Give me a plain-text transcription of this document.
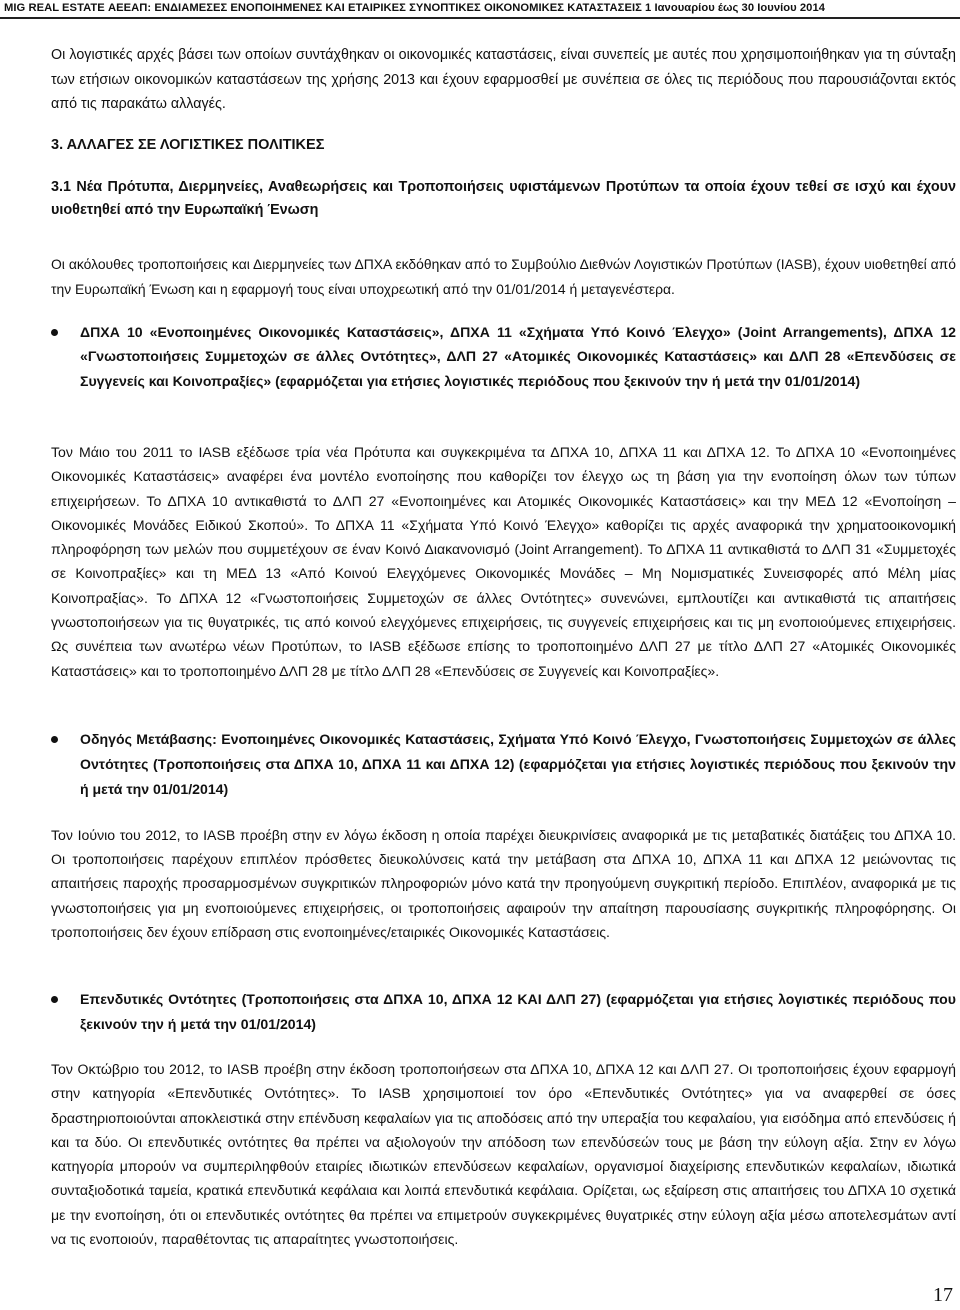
MIG REAL ESTATE ΑΕΕΑΠ: ΕΝΔΙΑΜΕΣΕΣ ΕΝΟΠΟΙΗΜΕΝΕΣ ΚΑΙ ΕΤΑΙΡΙΚΕΣ ΣΥΝΟΠΤΙΚΕΣ ΟΙΚΟΝΟΜΙΚΕΣ ΚΑΤΑΣΤΑΣΕΙΣ 1 Ιανουαρίου έως 30 Ιουνίου 2014

Οι λογιστικές αρχές βάσει των οποίων συντάχθηκαν οι οικονομικές καταστάσεις, είναι συνεπείς με αυτές που χρησιμοποιήθηκαν για τη σύνταξη των ετήσιων οικονομικών καταστάσεων της χρήσης 2013 και έχουν εφαρμοσθεί με συνέπεια σε όλες τις περιόδους που παρουσιάζονται εκτός από τις παρακάτω αλλαγές.

3. ΑΛΛΑΓΕΣ ΣΕ ΛΟΓΙΣΤΙΚΕΣ ΠΟΛΙΤΙΚΕΣ

3.1 Νέα Πρότυπα, Διερμηνείες, Αναθεωρήσεις και Τροποποιήσεις υφιστάμενων Προτύπων τα οποία έχουν τεθεί σε ισχύ και έχουν υιοθετηθεί από την Ευρωπαϊκή Ένωση

Οι ακόλουθες τροποποιήσεις και Διερμηνείες των ΔΠΧΑ εκδόθηκαν από το Συμβούλιο Διεθνών Λογιστικών Προτύπων (IASB), έχουν υιοθετηθεί από την Ευρωπαϊκή Ένωση και η εφαρμογή τους είναι υποχρεωτική από την 01/01/2014 ή μεταγενέστερα.

ΔΠΧΑ 10 «Ενοποιημένες Οικονομικές Καταστάσεις», ΔΠΧΑ 11 «Σχήματα Υπό Κοινό Έλεγχο» (Joint Arrangements), ΔΠΧΑ 12 «Γνωστοποιήσεις Συμμετοχών σε άλλες Οντότητες», ΔΛΠ 27 «Ατομικές Οικονομικές Καταστάσεις» και ΔΛΠ 28 «Επενδύσεις σε Συγγενείς και Κοινοπραξίες» (εφαρμόζεται για ετήσιες λογιστικές περιόδους που ξεκινούν την ή μετά την 01/01/2014)

Τον Μάιο του 2011 το IASB εξέδωσε τρία νέα Πρότυπα και συγκεκριμένα τα ΔΠΧΑ 10, ΔΠΧΑ 11 και ΔΠΧΑ 12. Το ΔΠΧΑ 10 «Ενοποιημένες Οικονομικές Καταστάσεις» αναφέρει ένα μοντέλο ενοποίησης που καθορίζει τον έλεγχο ως τη βάση για την ενοποίηση όλων των τύπων επιχειρήσεων. Το ΔΠΧΑ 10 αντικαθιστά το ΔΛΠ 27 «Ενοποιημένες και Ατομικές Οικονομικές Καταστάσεις» και την ΜΕΔ 12 «Ενοποίηση – Οικονομικές Μονάδες Ειδικού Σκοπού». Το ΔΠΧΑ 11 «Σχήματα Υπό Κοινό Έλεγχο» καθορίζει τις αρχές αναφορικά την χρηματοοικονομική πληροφόρηση των μελών που συμμετέχουν σε έναν Κοινό Διακανονισμό (Joint Arrangement). Το ΔΠΧΑ 11 αντικαθιστά το ΔΛΠ 31 «Συμμετοχές σε Κοινοπραξίες» και τη ΜΕΔ 13 «Από Κοινού Ελεγχόμενες Οικονομικές Μονάδες – Μη Νομισματικές Συνεισφορές από Μέλη μίας Κοινοπραξίας». Το ΔΠΧΑ 12 «Γνωστοποιήσεις Συμμετοχών σε άλλες Οντότητες» συνενώνει, εμπλουτίζει και αντικαθιστά τις απαιτήσεις γνωστοποιήσεων για τις θυγατρικές, τις από κοινού ελεγχόμενες επιχειρήσεις, τις συγγενείς επιχειρήσεις και τις μη ενοποιούμενες επιχειρήσεις. Ως συνέπεια των ανωτέρω νέων Προτύπων, το IASB εξέδωσε επίσης το τροποποιημένο ΔΛΠ 27 με τίτλο ΔΛΠ 27 «Ατομικές Οικονομικές Καταστάσεις» και το τροποποιημένο ΔΛΠ 28 με τίτλο ΔΛΠ 28 «Επενδύσεις σε Συγγενείς και Κοινοπραξίες».

Οδηγός Μετάβασης: Ενοποιημένες Οικονομικές Καταστάσεις, Σχήματα Υπό Κοινό Έλεγχο, Γνωστοποιήσεις Συμμετοχών σε άλλες Οντότητες (Τροποποιήσεις στα ΔΠΧΑ 10, ΔΠΧΑ 11 και ΔΠΧΑ 12) (εφαρμόζεται για ετήσιες λογιστικές περιόδους που ξεκινούν την ή μετά την 01/01/2014)

Τον Ιούνιο του 2012, το IASB προέβη στην εν λόγω έκδοση η οποία παρέχει διευκρινίσεις αναφορικά με τις μεταβατικές διατάξεις του ΔΠΧΑ 10. Οι τροποποιήσεις παρέχουν επιπλέον πρόσθετες διευκολύνσεις κατά την μετάβαση στα ΔΠΧΑ 10, ΔΠΧΑ 11 και ΔΠΧΑ 12 μειώνοντας τις απαιτήσεις παροχής προσαρμοσμένων συγκριτικών πληροφοριών μόνο κατά την προηγούμενη συγκριτική περίοδο. Επιπλέον, αναφορικά με τις γνωστοποιήσεις για μη ενοποιούμενες επιχειρήσεις, οι τροποποιήσεις αφαιρούν την απαίτηση παρουσίασης συγκριτικής πληροφόρησης. Οι τροποποιήσεις δεν έχουν επίδραση στις ενοποιημένες/εταιρικές Οικονομικές Καταστάσεις.

Επενδυτικές Οντότητες (Τροποποιήσεις στα ΔΠΧΑ 10, ΔΠΧΑ 12 ΚΑΙ ΔΛΠ 27) (εφαρμόζεται για ετήσιες λογιστικές περιόδους που ξεκινούν την ή μετά την 01/01/2014)

Τον Οκτώβριο του 2012, το IASB προέβη στην έκδοση τροποποιήσεων στα ΔΠΧΑ 10, ΔΠΧΑ 12 και ΔΛΠ 27. Οι τροποποιήσεις έχουν εφαρμογή στην κατηγορία «Επενδυτικές Οντότητες». Το IASB χρησιμοποιεί τον όρο «Επενδυτικές Οντότητες» για να αναφερθεί σε όσες δραστηριοποιούνται αποκλειστικά στην επένδυση κεφαλαίων για τις αποδόσεις από την υπεραξία του κεφαλαίου, για εισόδημα από επενδύσεις ή και τα δύο. Οι επενδυτικές οντότητες θα πρέπει να αξιολογούν την απόδοση των επενδύσεών τους με βάση την εύλογη αξία. Στην εν λόγω κατηγορία μπορούν να συμπεριληφθούν εταιρίες ιδιωτικών επενδύσεων κεφαλαίων, οργανισμοί διαχείρισης επενδυτικών κεφαλαίων, ιδιωτικά συνταξιοδοτικά ταμεία, κρατικά επενδυτικά κεφάλαια και λοιπά επενδυτικά κεφάλαια. Ορίζεται, ως εξαίρεση στις απαιτήσεις του ΔΠΧΑ 10 σχετικά με την ενοποίηση, ότι οι επενδυτικές οντότητες θα πρέπει να επιμετρούν συγκεκριμένες θυγατρικές στην εύλογη αξία μέσω αποτελεσμάτων αντί να τις ενοποιούν, παραθέτοντας τις απαραίτητες γνωστοποιήσεις.

17
